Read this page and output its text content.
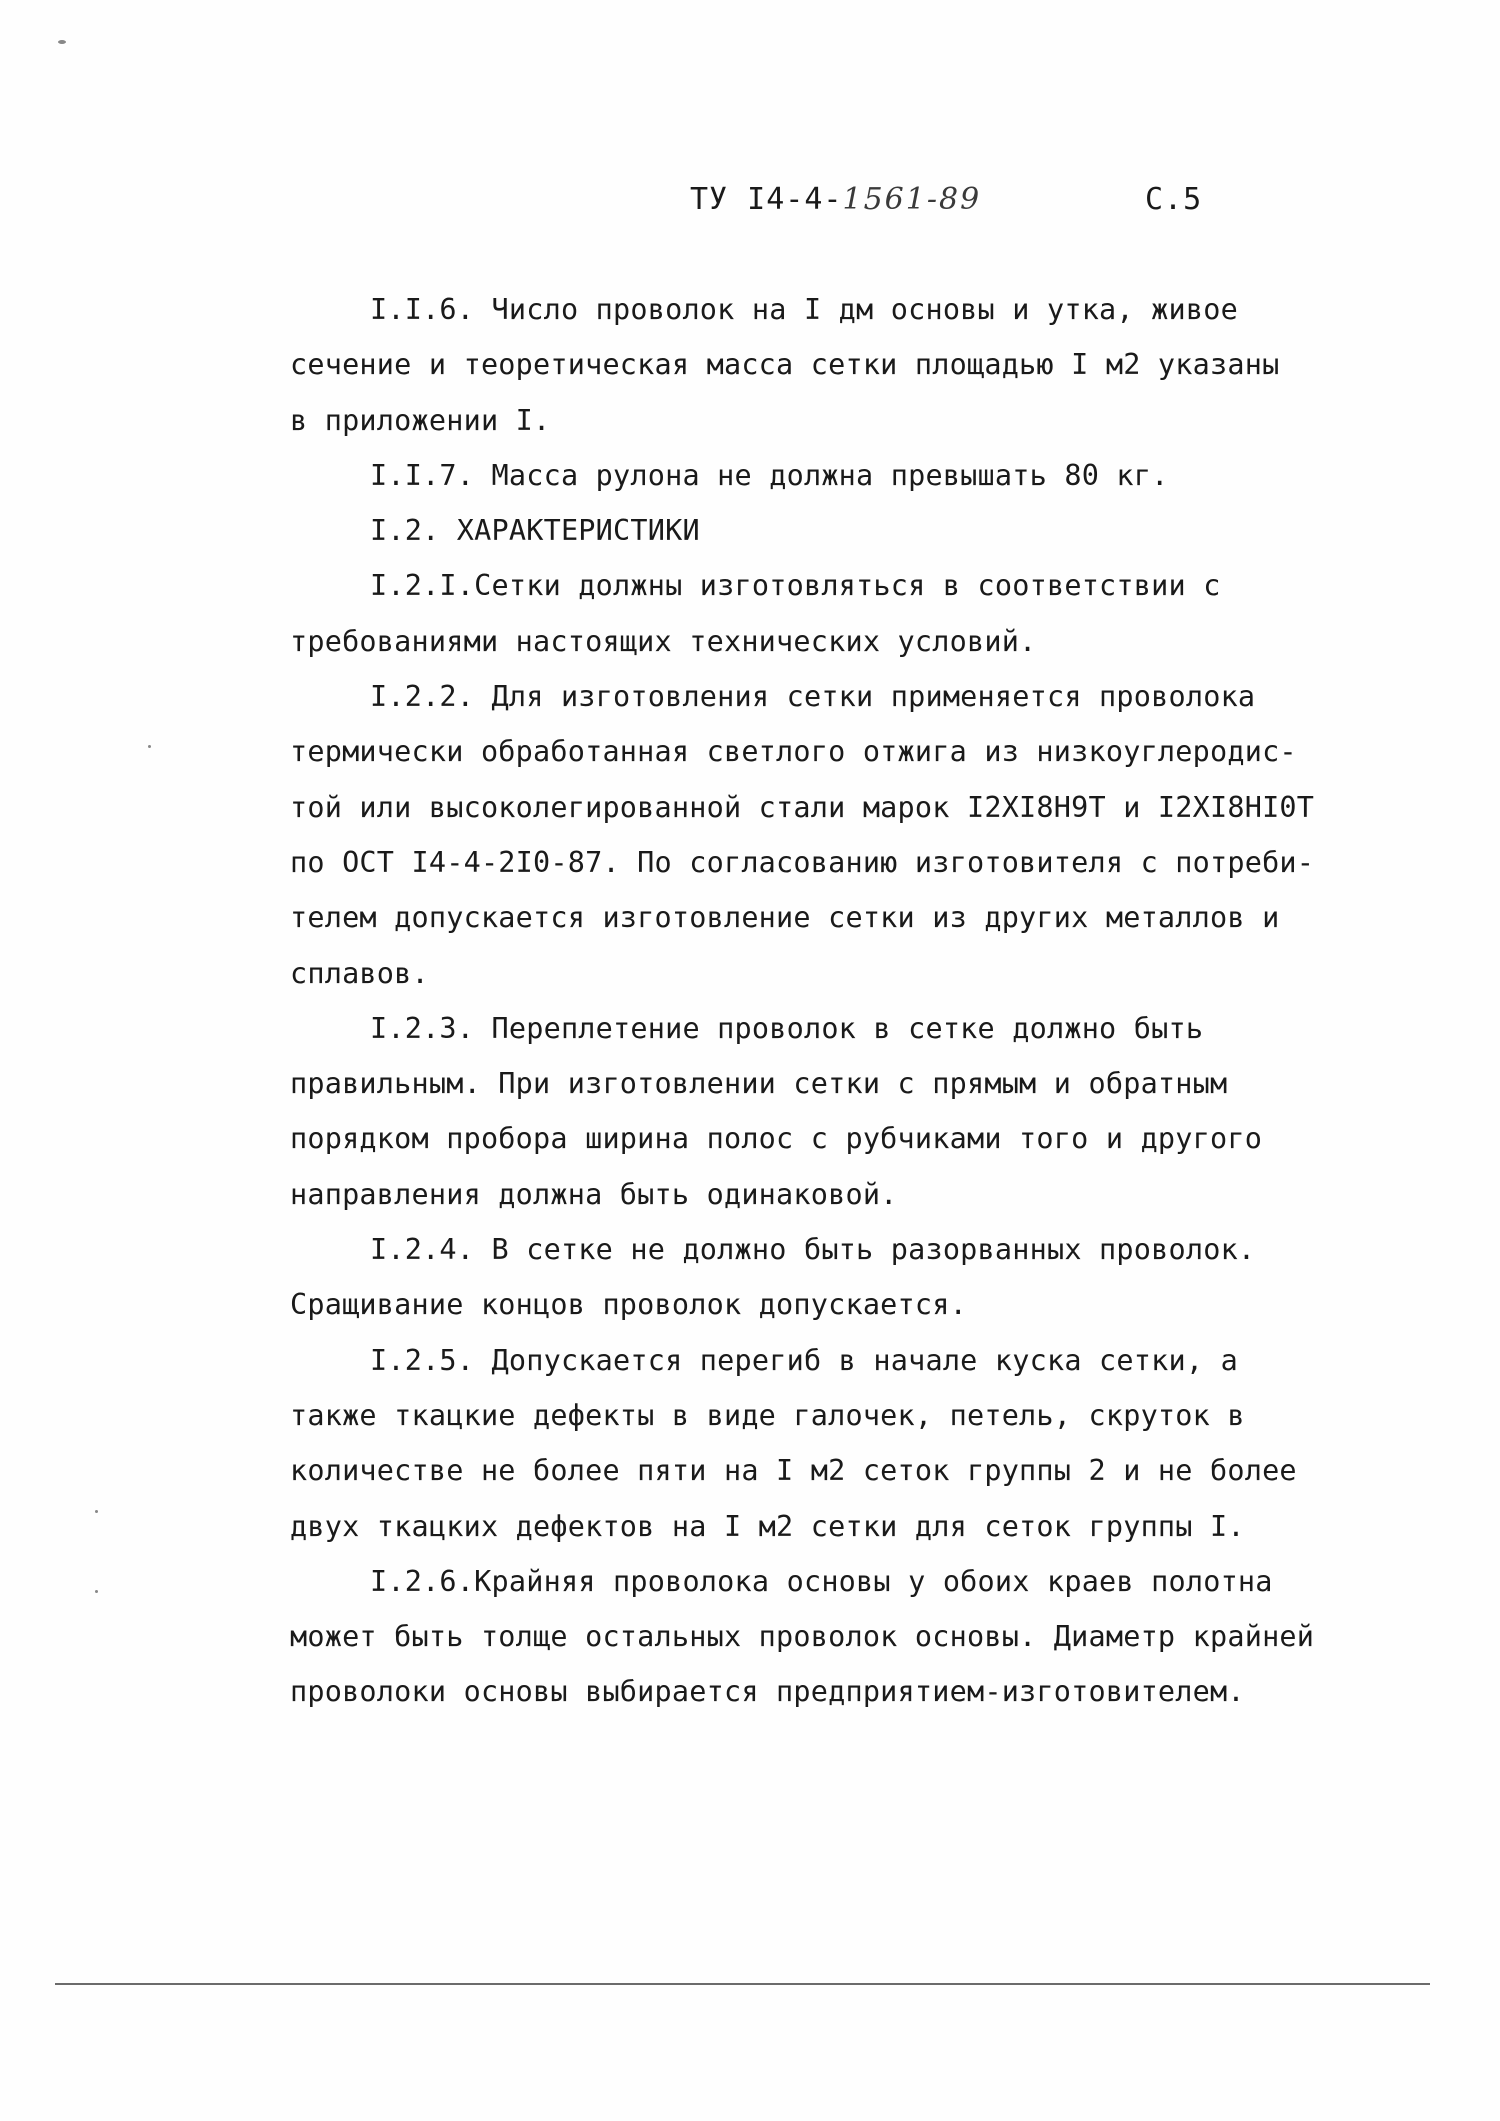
ТУ I4-4-1561-89	С.5
I.I.6. Число проволок на I дм основы и утка, живое
сечение и теоретическая масса сетки площадью I м2 указаны
в приложении I.
I.I.7. Масса рулона не должна превышать 80 кг.
I.2. ХАРАКТЕРИСТИКИ
I.2.I.Сетки должны изготовляться в соответствии с
требованиями настоящих технических условий.
I.2.2. Для изготовления сетки применяется проволока
термически обработанная светлого отжига из низкоуглеродис-
той или высоколегированной стали марок I2XI8H9T и I2XI8HI0T
по ОСТ I4-4-2I0-87. По согласованию изготовителя с потреби-
телем допускается изготовление сетки из других металлов и
сплавов.
I.2.3. Переплетение проволок в сетке должно быть
правильным. При изготовлении сетки с прямым и обратным
порядком пробора ширина полос с рубчиками того и другого
направления должна быть одинаковой.
I.2.4. В сетке не должно быть разорванных проволок.
Сращивание концов проволок допускается.
I.2.5. Допускается перегиб в начале куска сетки, а
также ткацкие дефекты в виде галочек, петель, скруток в
количестве не более пяти на I м2 сеток группы 2 и не более
двух ткацких дефектов на I м2 сетки для сеток группы I.
I.2.6.Крайняя проволока основы у обоих краев полотна
может быть толще остальных проволок основы. Диаметр крайней
проволоки основы выбирается предприятием-изготовителем.
